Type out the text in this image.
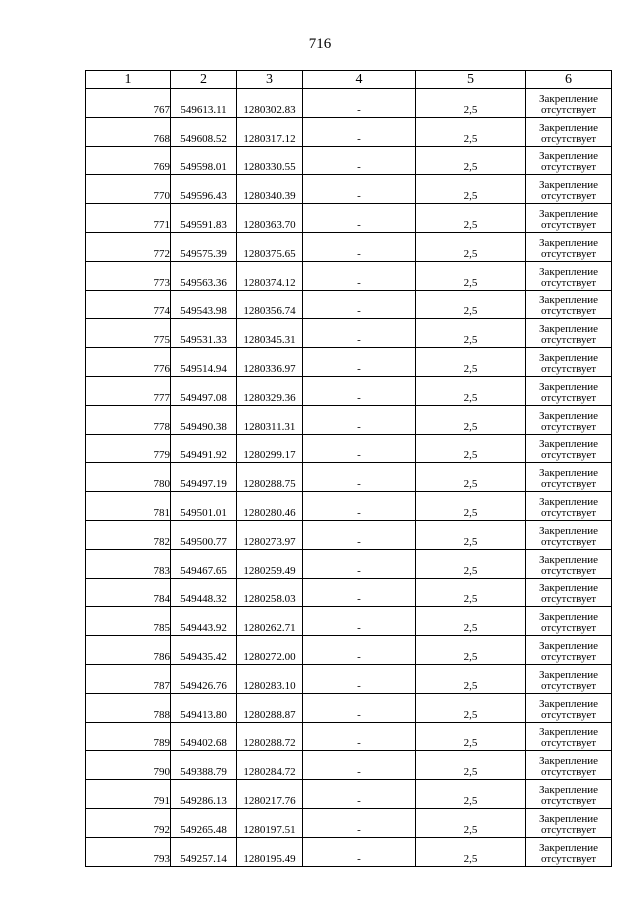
716
1	2	3	4	5	6
767	549613.11	1280302.83	-	2,5	Закрепление
отсутствует

768	549608.52	1280317.12	-	2,5	Закрепление
отсутствует

769	549598.01	1280330.55	-	2,5	Закрепление
отсутствует

770	549596.43	1280340.39	-	2,5	Закрепление
отсутствует

771	549591.83	1280363.70	-	2,5	Закрепление
отсутствует

772	549575.39	1280375.65	-	2,5	Закрепление
отсутствует

773	549563.36	1280374.12	-	2,5	Закрепление
отсутствует

774	549543.98	1280356.74	-	2,5	Закрепление
отсутствует

775	549531.33	1280345.31	-	2,5	Закрепление
отсутствует

776	549514.94	1280336.97	-	2,5	Закрепление
отсутствует

777	549497.08	1280329.36	-	2,5	Закрепление
отсутствует

778	549490.38	1280311.31	-	2,5	Закрепление
отсутствует

779	549491.92	1280299.17	-	2,5	Закрепление
отсутствует

780	549497.19	1280288.75	-	2,5	Закрепление
отсутствует

781	549501.01	1280280.46	-	2,5	Закрепление
отсутствует

782	549500.77	1280273.97	-	2,5	Закрепление
отсутствует

783	549467.65	1280259.49	-	2,5	Закрепление
отсутствует

784	549448.32	1280258.03	-	2,5	Закрепление
отсутствует

785	549443.92	1280262.71	-	2,5	Закрепление
отсутствует

786	549435.42	1280272.00	-	2,5	Закрепление
отсутствует

787	549426.76	1280283.10	-	2,5	Закрепление
отсутствует

788	549413.80	1280288.87	-	2,5	Закрепление
отсутствует

789	549402.68	1280288.72	-	2,5	Закрепление
отсутствует

790	549388.79	1280284.72	-	2,5	Закрепление
отсутствует

791	549286.13	1280217.76	-	2,5	Закрепление
отсутствует

792	549265.48	1280197.51	-	2,5	Закрепление
отсутствует

793	549257.14	1280195.49	-	2,5	Закрепление
отсутствует
